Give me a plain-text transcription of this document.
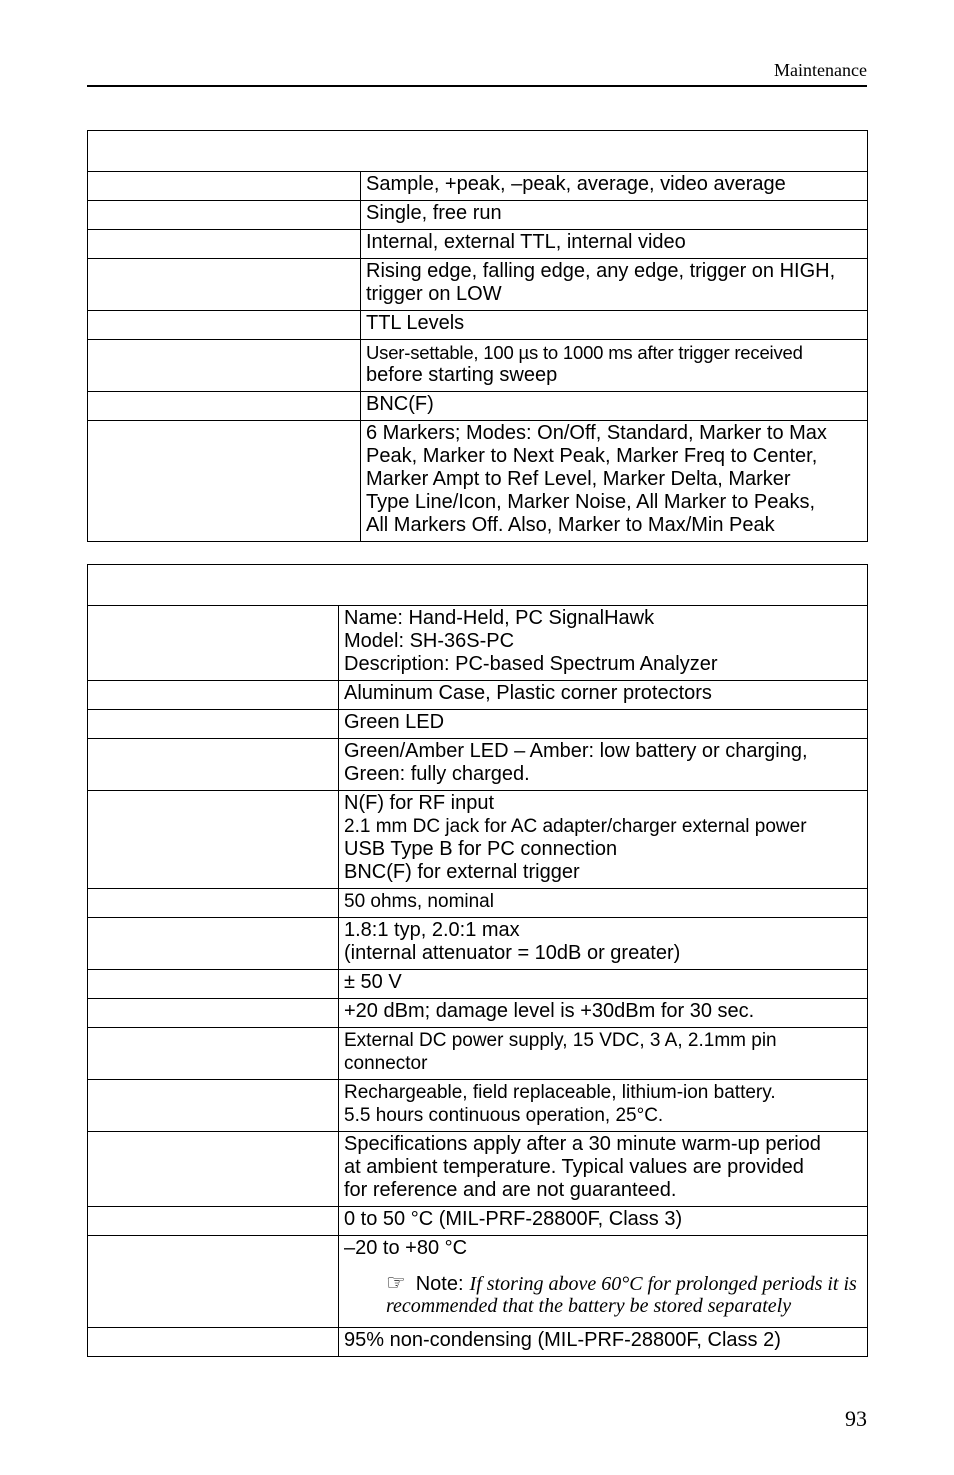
Maintenance

	Sample, +peak, –peak, average, video average

	Single, free run

	Internal, external TTL, internal video

	Rising edge, falling edge, any edge, trigger on HIGH,
trigger on LOW

	TTL Levels

	User-settable, 100 µs to 1000 ms after trigger received
before starting sweep

	BNC(F)

	6 Markers; Modes: On/Off, Standard, Marker to Max
Peak, Marker to Next Peak, Marker Freq to Center,
Marker Ampt to Ref Level, Marker Delta, Marker
Type Line/Icon, Marker Noise, All Marker to Peaks,
All Markers Off. Also, Marker to Max/Min Peak

	Name: Hand-Held, PC SignalHawk
Model: SH-36S-PC
Description: PC-based Spectrum Analyzer

	Aluminum Case, Plastic corner protectors

	Green LED

	Green/Amber LED – Amber: low battery or charging,
Green: fully charged.

	N(F) for RF input
2.1 mm DC jack for AC adapter/charger external power
USB Type B for PC connection
BNC(F) for external trigger

	50 ohms, nominal

	1.8:1 typ, 2.0:1 max
(internal attenuator = 10dB or greater)

	± 50 V

	+20 dBm; damage level is +30dBm for 30 sec.

	External DC power supply, 15 VDC, 3 A, 2.1mm pin
connector

	Rechargeable, field replaceable, lithium-ion battery.
5.5 hours continuous operation, 25°C.

	Specifications apply after a 30 minute warm-up period
at ambient temperature. Typical values are provided
for reference and are not guaranteed.

	0 to 50 °C (MIL-PRF-28800F, Class 3)

	–20 to +80 °C
☞ Note: If storing above 60°C for prolonged periods it is recommended that the battery be stored separately

	95% non-condensing (MIL-PRF-28800F, Class 2)
93
